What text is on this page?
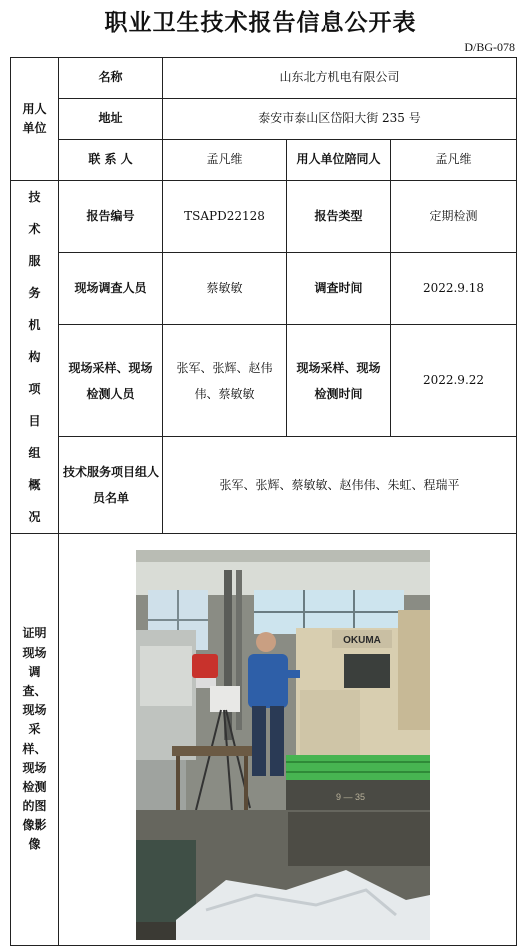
职业卫生技术报告信息公开表
D/BG-078
用人单位	名称	山东北方机电有限公司		
	地址	泰安市泰山区岱阳大街 235 号		
	联 系 人	孟凡维	用人单位陪同人	孟凡维

技术服务机构项目组概况	报告编号	TSAPD22128	报告类型	定期检测
	现场调查人员	蔡敏敏	调查时间	2022.9.18

	现场采样、现场检测人员	张军、张辉、赵伟伟、蔡敏敏	现场采样、现场检测时间	2022.9.22

	技术服务项目组人员名单	张军、张辉、蔡敏敏、赵伟伟、朱虹、程瑞平		

证明现场调查、现场采样、现场检测的图像影像	OKUMA
9 — 35			
